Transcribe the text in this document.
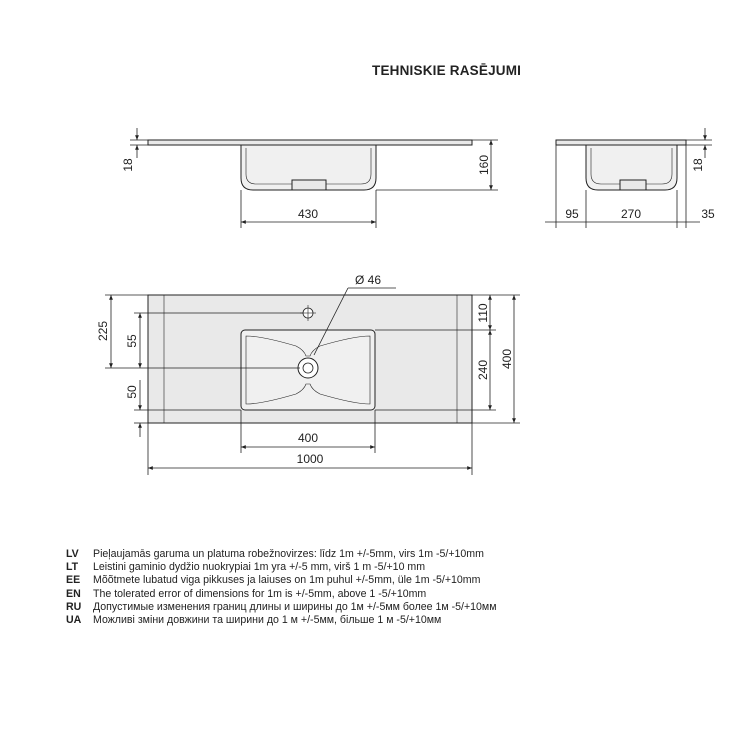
TEHNISKIE RASĒJUMI
18	160
430
18
95	270	35
Ø 46
225 55
50
110
240
400
400
1000
LV	Pieļaujamās garuma un platuma robežnovirzes: līdz 1m +/-5mm, virs 1m -5/+10mm
LT	Leistini gaminio dydžio nuokrypiai 1m yra +/-5 mm, virš 1 m -5/+10 mm
EE	Mõõtmete lubatud viga pikkuses ja laiuses on 1m puhul +/-5mm, üle 1m -5/+10mm
EN	The tolerated error of dimensions for 1m is +/-5mm, above 1 -5/+10mm
RU	Допустимые изменения границ длины и ширины до 1м +/-5мм более 1м -5/+10мм
UA	Можливі зміни довжини та ширини до 1 м +/-5мм, більше 1 м -5/+10мм
